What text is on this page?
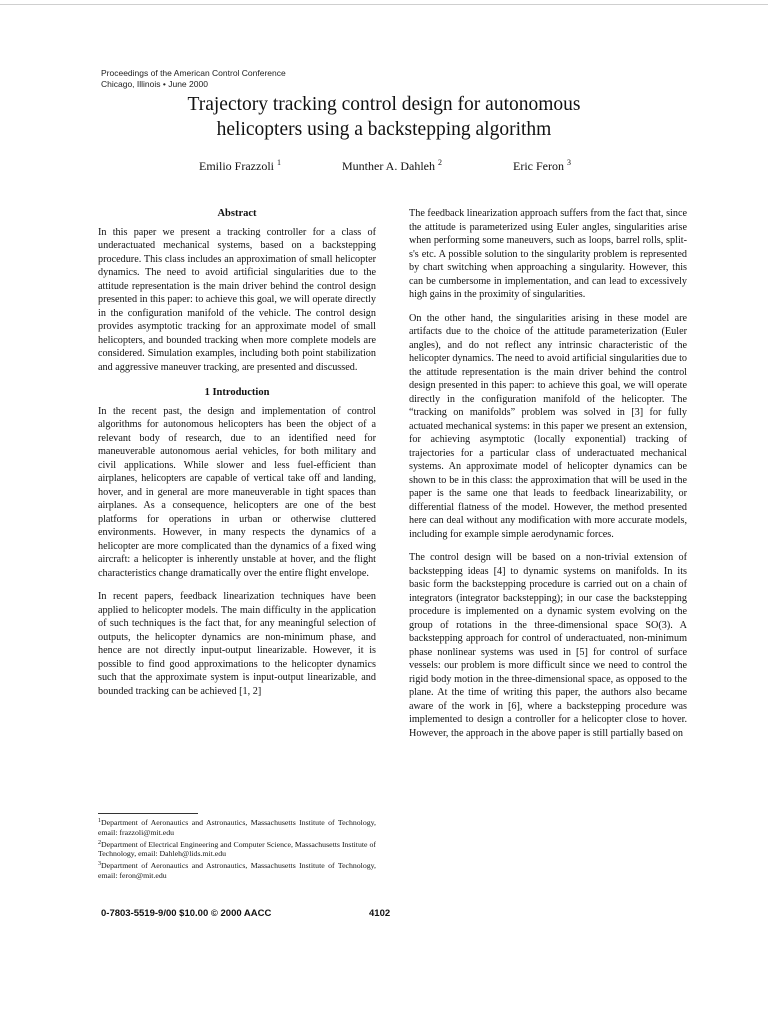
Proceedings of the American Control Conference
Chicago, Illinois • June 2000
Trajectory tracking control design for autonomous
helicopters using a backstepping algorithm
Emilio Frazzoli $^1$	Munther A. Dahleh $^2$	Eric Feron $^3$
Abstract

In this paper we present a tracking controller for a class of underactuated mechanical systems, based on a backstepping procedure. This class includes an approximation of small helicopter dynamics. The need to avoid artificial singularities due to the attitude representation is the main driver behind the control design presented in this paper: to achieve this goal, we will operate directly in the configuration manifold of the vehicle. The control design provides asymptotic tracking for an approximate model of small helicopters, and bounded tracking when more complete models are considered. Simulation examples, including both point stabilization and aggressive maneuver tracking, are presented and discussed.

1 Introduction

In the recent past, the design and implementation of control algorithms for autonomous helicopters has been the object of a relevant body of research, due to an identified need for maneuverable autonomous aerial vehicles, for both military and civil applications. While slower and less fuel-efficient than airplanes, helicopters are capable of vertical take off and landing, hover, and in general are more maneuverable in tight spaces than airplanes. As a consequence, helicopters are one of the best platforms for operations in urban or otherwise cluttered environments. However, in many respects the dynamics of a helicopter are more complicated than the dynamics of a fixed wing aircraft: a helicopter is inherently unstable at hover, and the flight characteristics change dramatically over the entire flight envelope.

In recent papers, feedback linearization techniques have been applied to helicopter models. The main difficulty in the application of such techniques is the fact that, for any meaningful selection of outputs, the helicopter dynamics are non-minimum phase, and hence are not directly input-output linearizable. However, it is possible to find good approximations to the helicopter dynamics such that the approximate system is input-output linearizable, and bounded tracking can be achieved [1, 2]

The feedback linearization approach suffers from the fact that, since the attitude is parameterized using Euler angles, singularities arise when performing some maneuvers, such as loops, barrel rolls, split-s's etc. A possible solution to the singularity problem is represented by chart switching when approaching a singularity. However, this can be cumbersome in implementation, and can lead to excessively high gains in the proximity of singularities.

On the other hand, the singularities arising in these model are artifacts due to the choice of the attitude parameterization (Euler angles), and do not reflect any intrinsic characteristic of the helicopter dynamics. The need to avoid artificial singularities due to the attitude representation is the main driver behind the control design presented in this paper: to achieve this goal, we will operate directly in the configuration manifold of the helicopter. The “tracking on manifolds” problem was solved in [3] for fully actuated mechanical systems: in this paper we present an extension, for achieving asymptotic (locally exponential) tracking of trajectories for a particular class of underactuated mechanical systems. An approximate model of helicopter dynamics can be shown to be in this class: the approximation that will be used in the paper is the same one that leads to feedback linearizability, or differential flatness of the model. However, the method presented here can deal without any modification with more accurate models, including for example simple aerodynamic forces.

The control design will be based on a non-trivial extension of backstepping ideas [4] to dynamic systems on manifolds. In its basic form the backstepping procedure is carried out on a chain of integrators (integrator backstepping); in our case the backstepping procedure is implemented on a dynamic system evolving on the group of rotations in the three-dimensional space SO(3). A backstepping approach for control of underactuated, non-minimum phase nonlinear systems was used in [5] for control of surface vessels: our problem is more difficult since we need to control the rigid body motion in the three-dimensional space, as opposed to the plane. At the time of writing this paper, the authors also became aware of the work in [6], where a backstepping procedure was implemented to design a controller for a helicopter close to hover. However, the approach in the above paper is still partially based on

$^1$Department of Aeronautics and Astronautics, Massachusetts Institute of Technology, email: frazzoli@mit.edu

$^2$Department of Electrical Engineering and Computer Science, Massachusetts Institute of Technology, email: Dahleh@lids.mit.edu

$^3$Department of Aeronautics and Astronautics, Massachusetts Institute of Technology, email: feron@mit.edu

0-7803-5519-9/00 $10.00 © 2000 AACC	4102
